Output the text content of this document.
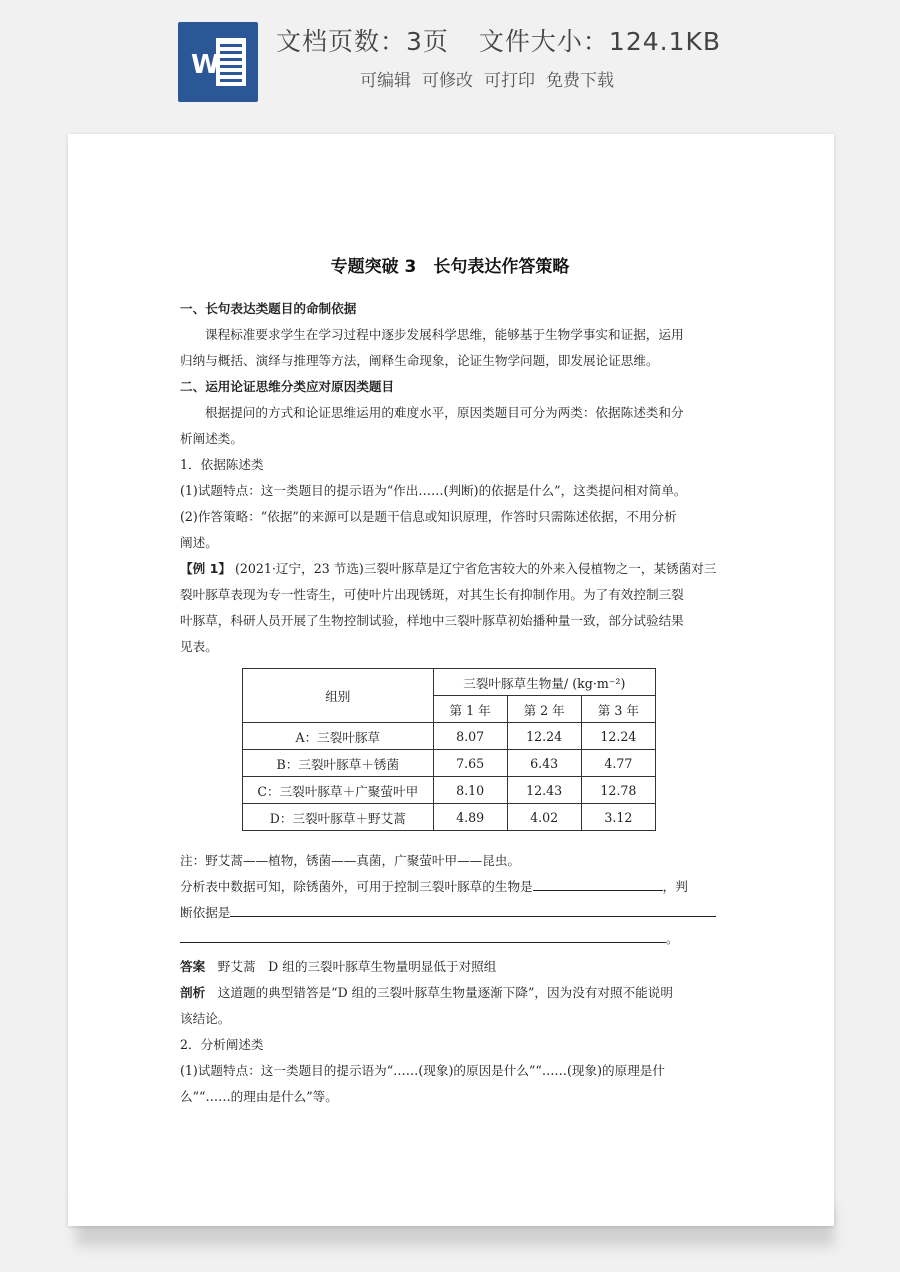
W
文档页数：3页 文件大小：124.1KB
可编辑 可修改 可打印 免费下载
专题突破 3　长句表达作答策略
一、长句表达类题目的命制依据
课程标准要求学生在学习过程中逐步发展科学思维，能够基于生物学事实和证据，运用
归纳与概括、演绎与推理等方法，阐释生命现象，论证生物学问题，即发展论证思维。
二、运用论证思维分类应对原因类题目
根据提问的方式和论证思维运用的难度水平，原因类题目可分为两类：依据陈述类和分
析阐述类。
1．依据陈述类
(1)试题特点：这一类题目的提示语为“作出……(判断)的依据是什么”，这类提问相对简单。
(2)作答策略：“依据”的来源可以是题干信息或知识原理，作答时只需陈述依据，不用分析
阐述。
【例 1】 (2021·辽宁，23 节选)三裂叶豚草是辽宁省危害较大的外来入侵植物之一，某锈菌对三
裂叶豚草表现为专一性寄生，可使叶片出现锈斑，对其生长有抑制作用。为了有效控制三裂
叶豚草，科研人员开展了生物控制试验，样地中三裂叶豚草初始播种量一致，部分试验结果
见表。
组别	三裂叶豚草生物量/ (kg·m⁻²)		
	第 1 年	第 2 年	第 3 年
A：三裂叶豚草	8.07	12.24	12.24
B：三裂叶豚草＋锈菌	7.65	6.43	4.77
C：三裂叶豚草＋广聚萤叶甲	8.10	12.43	12.78
D：三裂叶豚草＋野艾蒿	4.89	4.02	3.12
注：野艾蒿——植物，锈菌——真菌，广聚萤叶甲——昆虫。
分析表中数据可知，除锈菌外，可用于控制三裂叶豚草的生物是	，判
断依据是
。
答案　 野艾蒿　D 组的三裂叶豚草生物量明显低于对照组
剖析　 这道题的典型错答是“D 组的三裂叶豚草生物量逐渐下降”，因为没有对照不能说明
该结论。
2．分析阐述类
(1)试题特点：这一类题目的提示语为“……(现象)的原因是什么”“……(现象)的原理是什
么”“……的理由是什么”等。
